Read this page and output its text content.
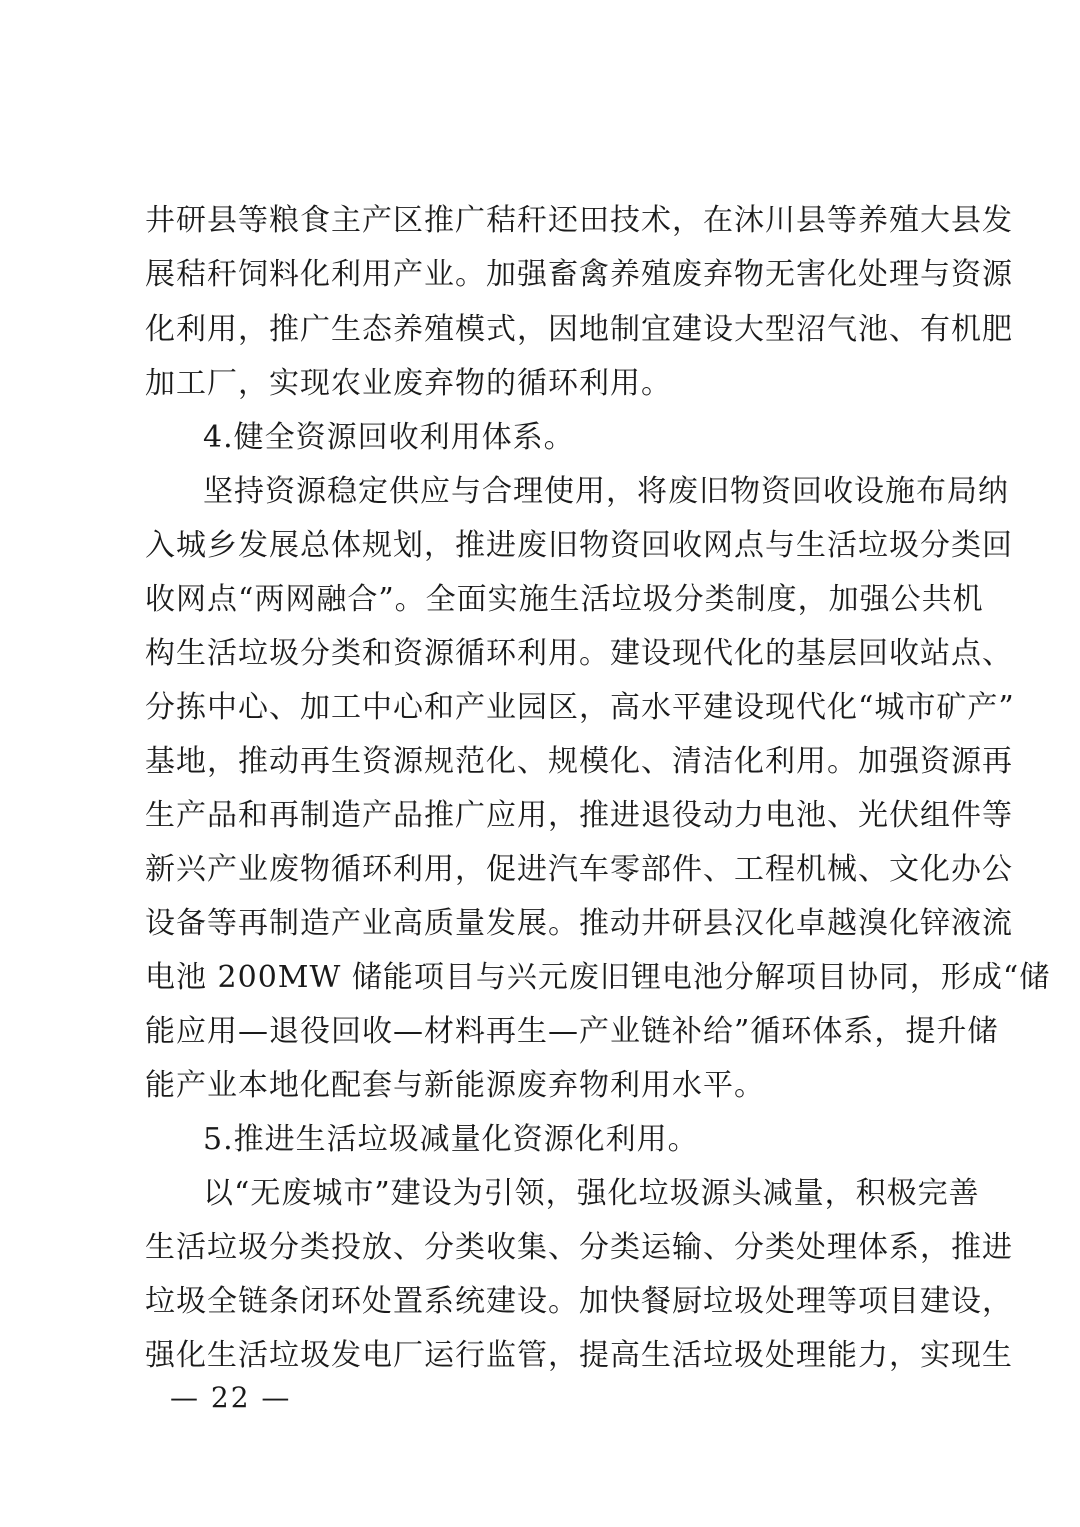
井研县等粮食主产区推广秸秆还田技术，在沐川县等养殖大县发
展秸秆饲料化利用产业。加强畜禽养殖废弃物无害化处理与资源
化利用，推广生态养殖模式，因地制宜建设大型沼气池、有机肥
加工厂，实现农业废弃物的循环利用。
4.健全资源回收利用体系。
坚持资源稳定供应与合理使用，将废旧物资回收设施布局纳
入城乡发展总体规划，推进废旧物资回收网点与生活垃圾分类回
收网点“两网融合”。全面实施生活垃圾分类制度，加强公共机
构生活垃圾分类和资源循环利用。建设现代化的基层回收站点、
分拣中心、加工中心和产业园区，高水平建设现代化“城市矿产”
基地，推动再生资源规范化、规模化、清洁化利用。加强资源再
生产品和再制造产品推广应用，推进退役动力电池、光伏组件等
新兴产业废物循环利用，促进汽车零部件、工程机械、文化办公
设备等再制造产业高质量发展。推动井研县汉化卓越溴化锌液流
电池 200MW 储能项目与兴元废旧锂电池分解项目协同，形成“储
能应用—退役回收—材料再生—产业链补给”循环体系，提升储
能产业本地化配套与新能源废弃物利用水平。
5.推进生活垃圾减量化资源化利用。
以“无废城市”建设为引领，强化垃圾源头减量，积极完善
生活垃圾分类投放、分类收集、分类运输、分类处理体系，推进
垃圾全链条闭环处置系统建设。加快餐厨垃圾处理等项目建设，
强化生活垃圾发电厂运行监管，提高生活垃圾处理能力，实现生
— 22 —
